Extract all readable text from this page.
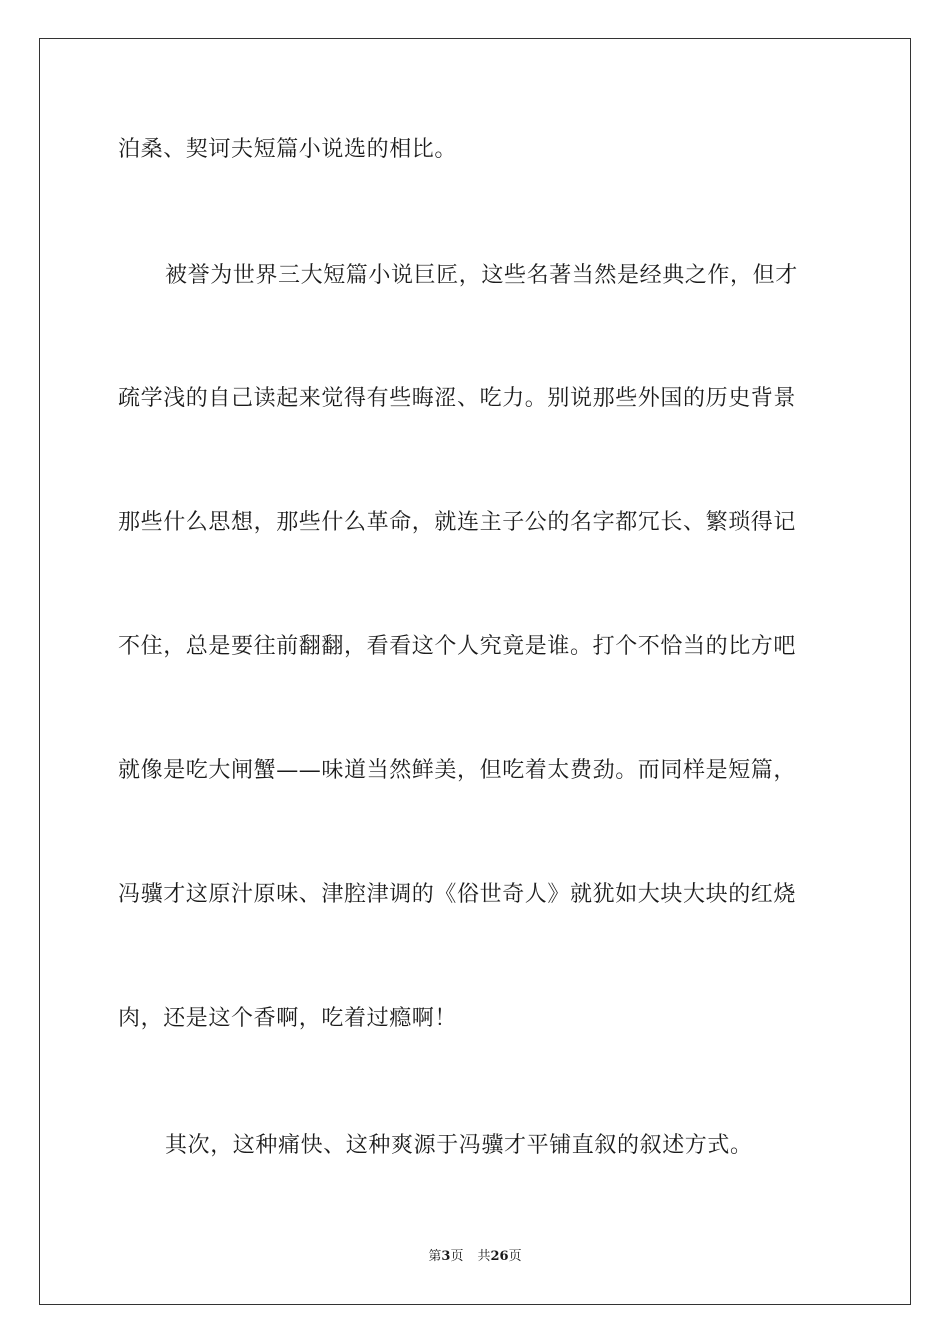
泊桑、契诃夫短篇小说选的相比。
被誉为世界三大短篇小说巨匠，这些名著当然是经典之作，但才
疏学浅的自己读起来觉得有些晦涩、吃力。别说那些外国的历史背景
那些什么思想，那些什么革命，就连主子公的名字都冗长、繁琐得记
不住，总是要往前翻翻，看看这个人究竟是谁。打个不恰当的比方吧
就像是吃大闸蟹——味道当然鲜美，但吃着太费劲。而同样是短篇，
冯骥才这原汁原味、津腔津调的《俗世奇人》就犹如大块大块的红烧
肉，还是这个香啊，吃着过瘾啊！
其次，这种痛快、这种爽源于冯骥才平铺直叙的叙述方式。
第3页 共26页
